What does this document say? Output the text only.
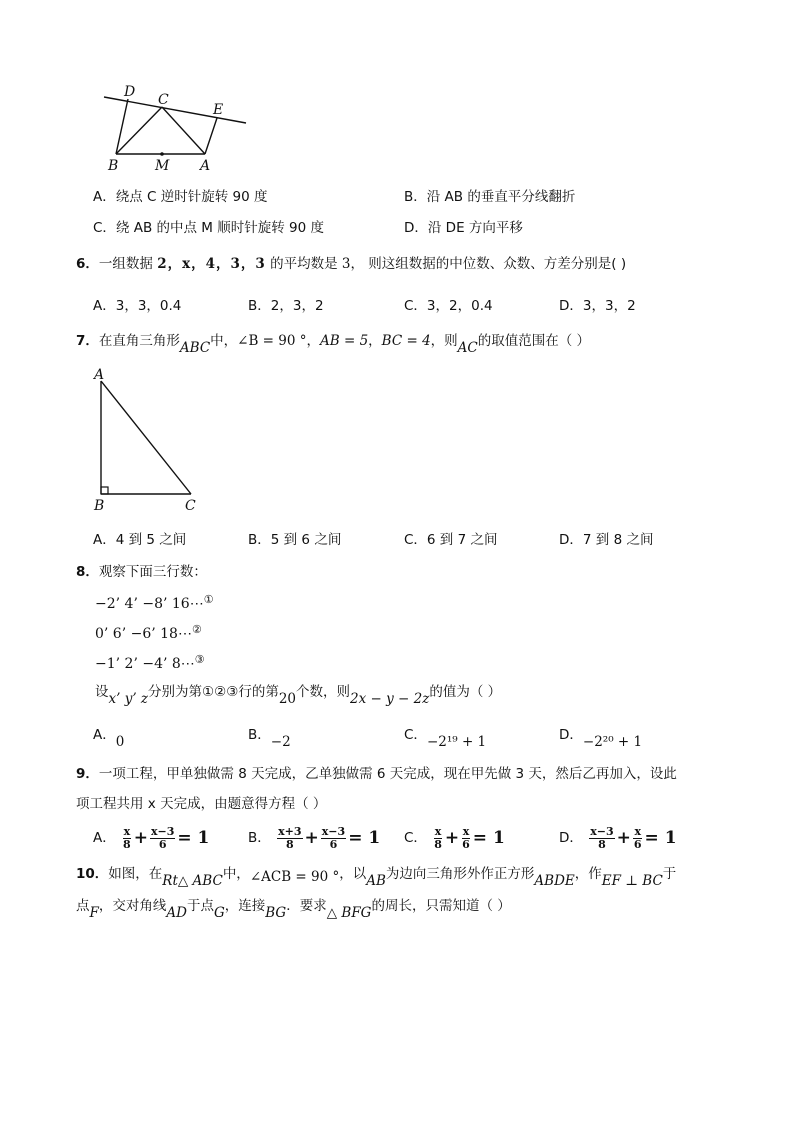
D C
E
B	M A
A．绕点 C 逆时针旋转 90 度	B．沿 AB 的垂直平分线翻折
C．绕 AB 的中点 M 顺时针旋转 90 度	D．沿 DE 方向平移
6．一组数据 2，x，4，3，3 的平均数是 3， 则这组数据的中位数、众数、方差分别是( )
A．3，3，0.4	B．2，3，2	C．3，2，0.4	D．3，3，2
7．在直角三角形ABC中，∠B = 90 °，AB = 5，BC = 4，则AC的取值范围在（ ）
A
B	C
A．4 到 5 之间	B．5 到 6 之间	C．6 到 7 之间	D．7 到 8 之间
8．观察下面三行数：
−2’ 4’ −8’ 16⋯①
0’ 6’ −6’ 18⋯②
−1’ 2’ −4’ 8⋯③
设x’ y’ z分别为第①②③行的第20个数，则2x − y − 2z的值为（ ）
A．0	B．−2	C．−2¹⁹ + 1	D．−2²⁰ + 1
9．一项工程，甲单独做需 8 天完成，乙单独做需 6 天完成，现在甲先做 3 天，然后乙再加入，设此
项工程共用 x 天完成，由题意得方程（ ）
A． $\frac{x}{8} + \frac{x-3}{6} = 1$	B． $\frac{x+3}{8} + \frac{x-3}{6} = 1$ C． $\frac{x}{8} + \frac{x}{6} = 1$	D． $\frac{x-3}{8} + \frac{x}{6} = 1$
10．如图，在Rt△ ABC中，∠ACB = 90 °，以AB为边向三角形外作正方形ABDE，作EF ⊥ BC于
点F，交对角线AD于点G，连接BG．要求△ BFG的周长，只需知道（ ）
